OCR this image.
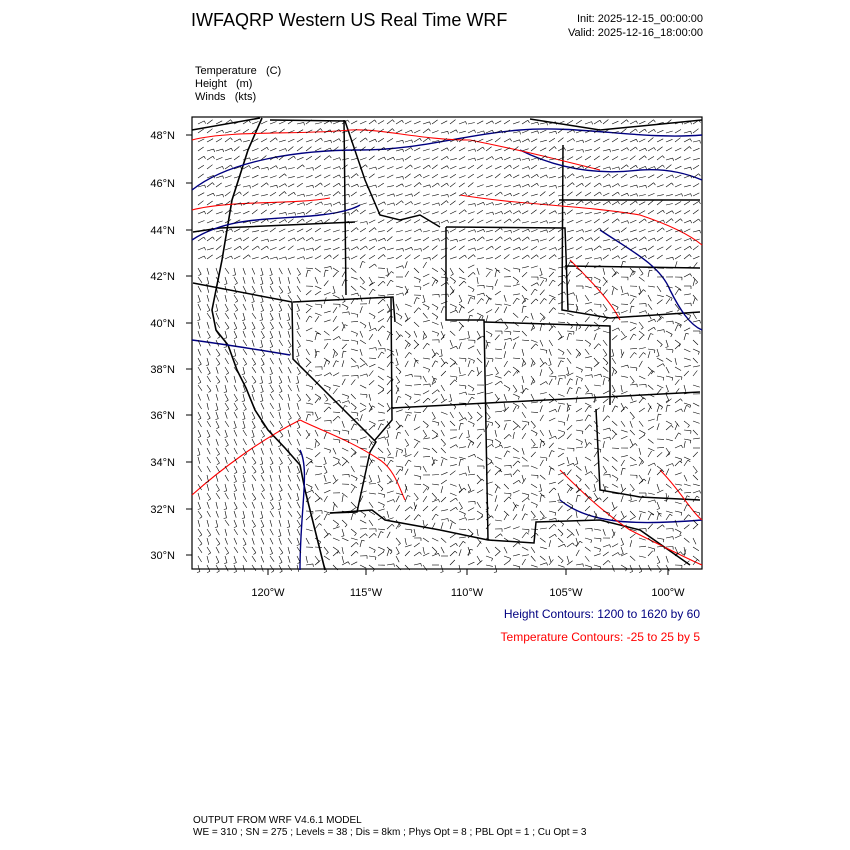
IWFAQRP Western US Real Time WRF	Init: 2025-12-15_00:00:00
Valid: 2025-12-16_18:00:00
Temperature (C)
Height (m)
Winds (kts)
48°N
46°N
44°N
42°N
40°N
38°N
36°N
34°N
32°N
30°N
120°W	115°W	110°W	105°W	100°W
Height Contours: 1200 to 1620 by 60
Temperature Contours: -25 to 25 by 5
OUTPUT FROM WRF V4.6.1 MODEL
WE = 310 ; SN = 275 ; Levels = 38 ; Dis = 8km ; Phys Opt = 8 ; PBL Opt = 1 ; Cu Opt = 3
